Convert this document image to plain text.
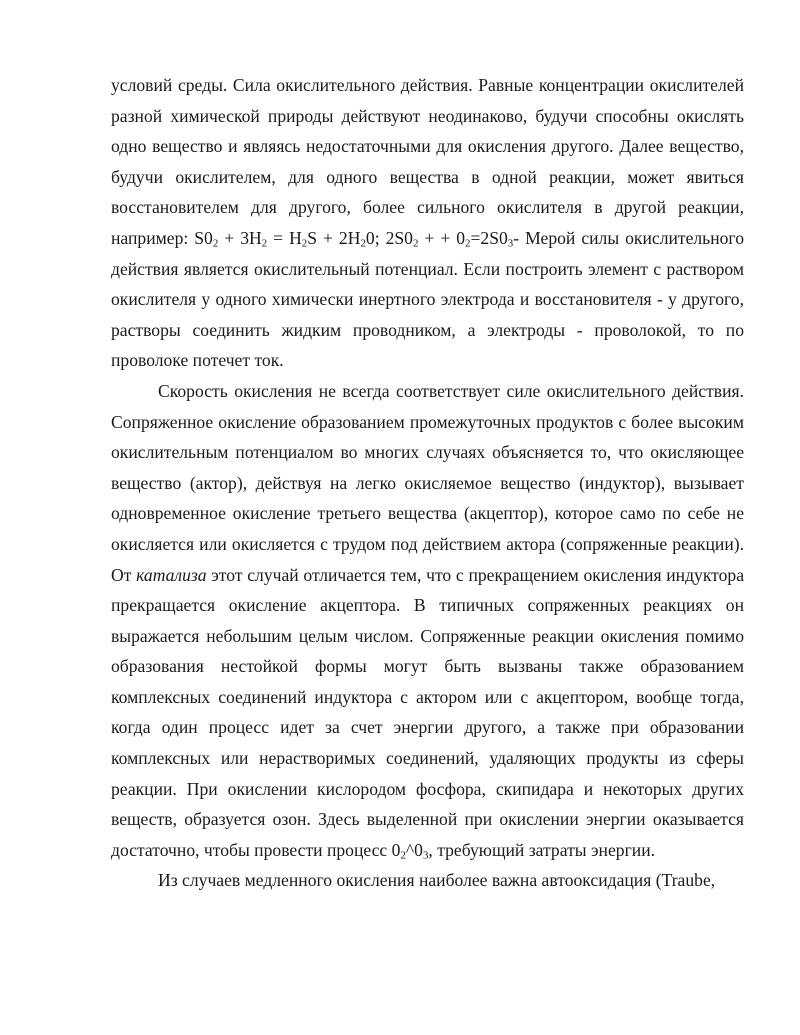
условий среды. Сила окислительного действия. Равные концентрации окислителей разной химической природы действуют неодинаково, будучи способны окислять одно вещество и являясь недостаточными для окисления другого. Далее вещество, будучи окислителем, для одного вещества в одной реакции, может явиться восстановителем для другого, более сильного окислителя в другой реакции, например: $S0_2 + 3H_2 = H_2S + 2H_20$; $2S0_2$ + + $0_2=2S0_3-$ Мерой силы окислительного действия является окислительный потенциал. Если построить элемент с раствором окислителя у одного химически инертного электрода и восстановителя - у другого, растворы соединить жидким проводником, а электроды - проволокой, то по проволоке потечет ток.

Скорость окисления не всегда соответствует силе окислительного действия. Сопряженное окисление образованием промежуточных продуктов с более высоким окислительным потенциалом во многих случаях объясняется то, что окисляющее вещество (актор), действуя на легко окисляемое вещество (индуктор), вызывает одновременное окисление третьего вещества (акцептор), которое само по себе не окисляется или окисляется с трудом под действием актора (сопряженные реакции). От катализа этот случай отличается тем, что с прекращением окисления индуктора прекращается окисление акцептора. В типичных сопряженных реакциях он выражается небольшим целым числом. Сопряженные реакции окисления помимо образования нестойкой формы могут быть вызваны также образованием комплексных соединений индуктора с актором или с акцептором, вообще тогда, когда один процесс идет за счет энергии другого, а также при образовании комплексных или нерастворимых соединений, удаляющих продукты из сферы реакции. При окислении кислородом фосфора, скипидара и некоторых других веществ, образуется озон. Здесь выделенной при окислении энергии оказывается достаточно, чтобы провести процесс $0_2\^{}0_3$, требующий затраты энергии.

Из случаев медленного окисления наиболее важна автооксидация (Traube,
